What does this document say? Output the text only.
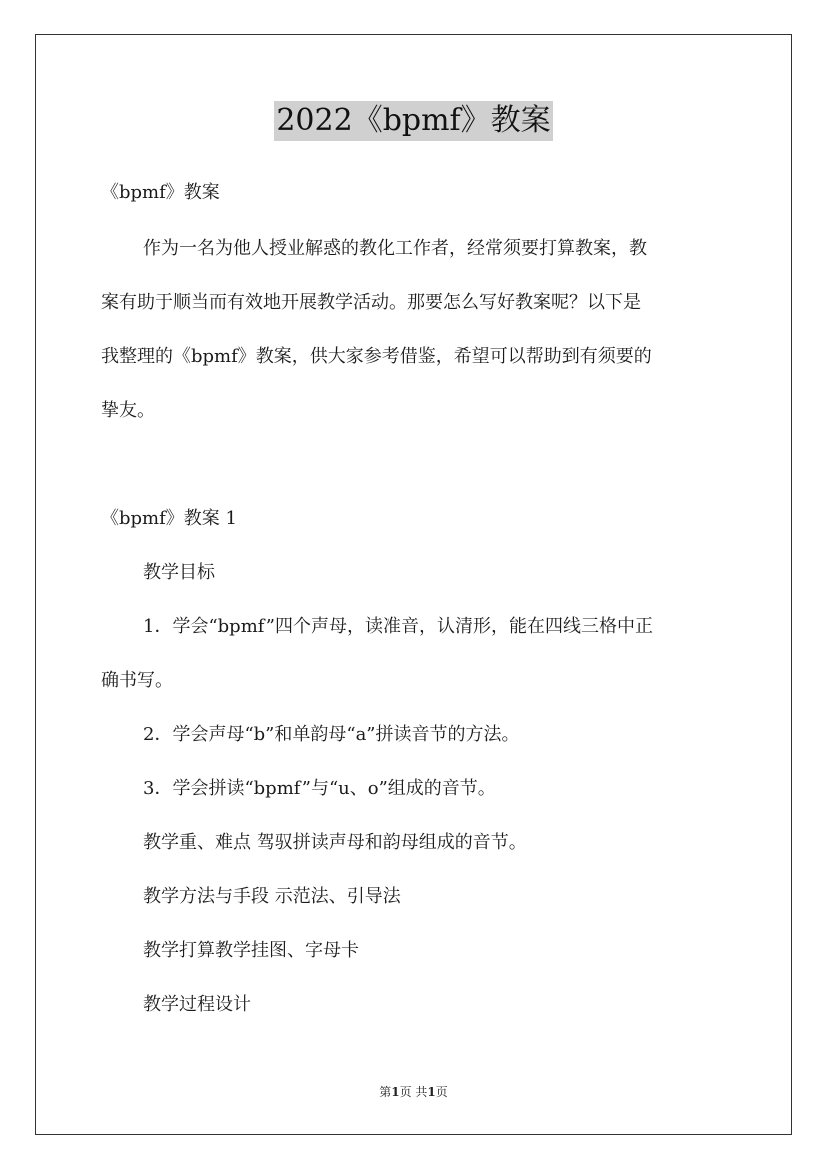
2022《bpmf》教案
《bpmf》教案
作为一名为他人授业解惑的教化工作者，经常须要打算教案，教
案有助于顺当而有效地开展教学活动。那要怎么写好教案呢？以下是
我整理的《bpmf》教案，供大家参考借鉴，希望可以帮助到有须要的
挚友。
《bpmf》教案 1
教学目标
1．学会“bpmf”四个声母，读准音，认清形，能在四线三格中正
确书写。
2．学会声母“b”和单韵母“a”拼读音节的方法。
3．学会拼读“bpmf”与“u、o”组成的音节。
教学重、难点 驾驭拼读声母和韵母组成的音节。
教学方法与手段 示范法、引导法
教学打算教学挂图、字母卡
教学过程设计
第1页 共1页
